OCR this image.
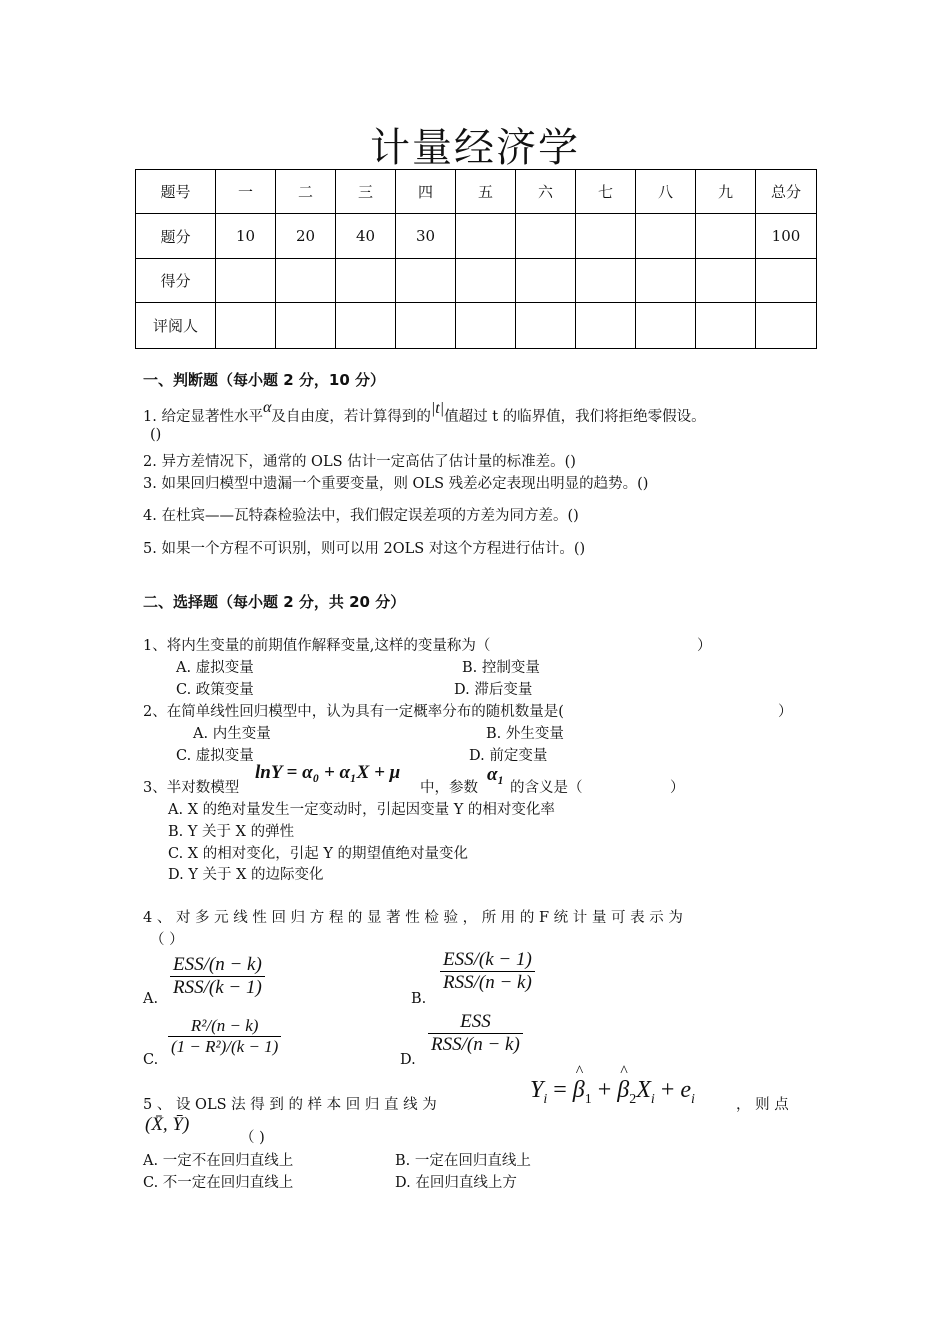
计量经济学
题号	一	二	三	四	五	六	七	八	九	总分
题分	10	20	40	30						100
得分										
评阅人										
一、判断题（每小题 2 分，10 分）
1. 给定显著性水平α及自由度，若计算得到的|t|值超过 t 的临界值，我们将拒绝零假设。
()
2. 异方差情况下，通常的 OLS 估计一定高估了估计量的标准差。()
3. 如果回归模型中遗漏一个重要变量，则 OLS 残差必定表现出明显的趋势。()
4. 在杜宾——瓦特森检验法中，我们假定误差项的方差为同方差。()
5. 如果一个方程不可识别，则可以用 2OLS 对这个方程进行估计。()
二、选择题（每小题 2 分，共 20 分）
1、将内生变量的前期值作解释变量,这样的变量称为（	）
A. 虚拟变量	B. 控制变量
C. 政策变量	D. 滞后变量
2、在简单线性回归模型中，认为具有一定概率分布的随机数量是(	）
A. 内生变量	B. 外生变量
C. 虚拟变量	D. 前定变量
3、半对数模型
lnY = α₀ + α₁X + μ
中，参数
α₁
的含义是（	）
A. X 的绝对量发生一定变动时，引起因变量 Y 的相对变化率
B. Y 关于 X 的弹性
C. X 的相对变化，引起 Y 的期望值绝对量变化
D. Y 关于 X 的边际变化
4 、 对 多 元 线 性 回 归 方 程 的 显 著 性 检 验 ， 所 用 的 F 统 计 量 可 表 示 为
（ ）
A.
ESS/(n − k)
RSS/(k − 1)
B.
ESS/(k − 1)
RSS/(n − k)
C.
$\frac{\text{R²/(n − k)}}{\text{(1 − R²)/(k − 1)}}$
D.
ESS
RSS/(n − k)
5 、 设 OLS 法 得 到 的 样 本 回 归 直 线 为
$Y_i$ = ^ $\beta_1$ + ^ $\beta_2X_i + e_i$	， 则 点
(X̄, Ȳ)
（ )
A. 一定不在回归直线上	B. 一定在回归直线上
C. 不一定在回归直线上	D. 在回归直线上方
